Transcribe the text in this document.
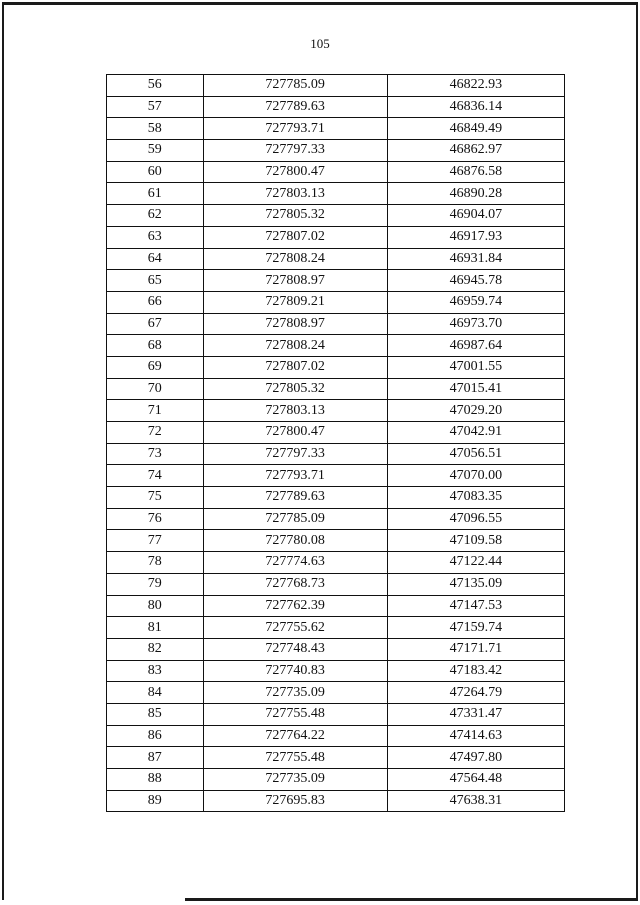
105
56	727785.09	46822.93
57	727789.63	46836.14
58	727793.71	46849.49
59	727797.33	46862.97
60	727800.47	46876.58
61	727803.13	46890.28
62	727805.32	46904.07
63	727807.02	46917.93
64	727808.24	46931.84
65	727808.97	46945.78
66	727809.21	46959.74
67	727808.97	46973.70
68	727808.24	46987.64
69	727807.02	47001.55
70	727805.32	47015.41
71	727803.13	47029.20
72	727800.47	47042.91
73	727797.33	47056.51
74	727793.71	47070.00
75	727789.63	47083.35
76	727785.09	47096.55
77	727780.08	47109.58
78	727774.63	47122.44
79	727768.73	47135.09
80	727762.39	47147.53
81	727755.62	47159.74
82	727748.43	47171.71
83	727740.83	47183.42
84	727735.09	47264.79
85	727755.48	47331.47
86	727764.22	47414.63
87	727755.48	47497.80
88	727735.09	47564.48
89	727695.83	47638.31
